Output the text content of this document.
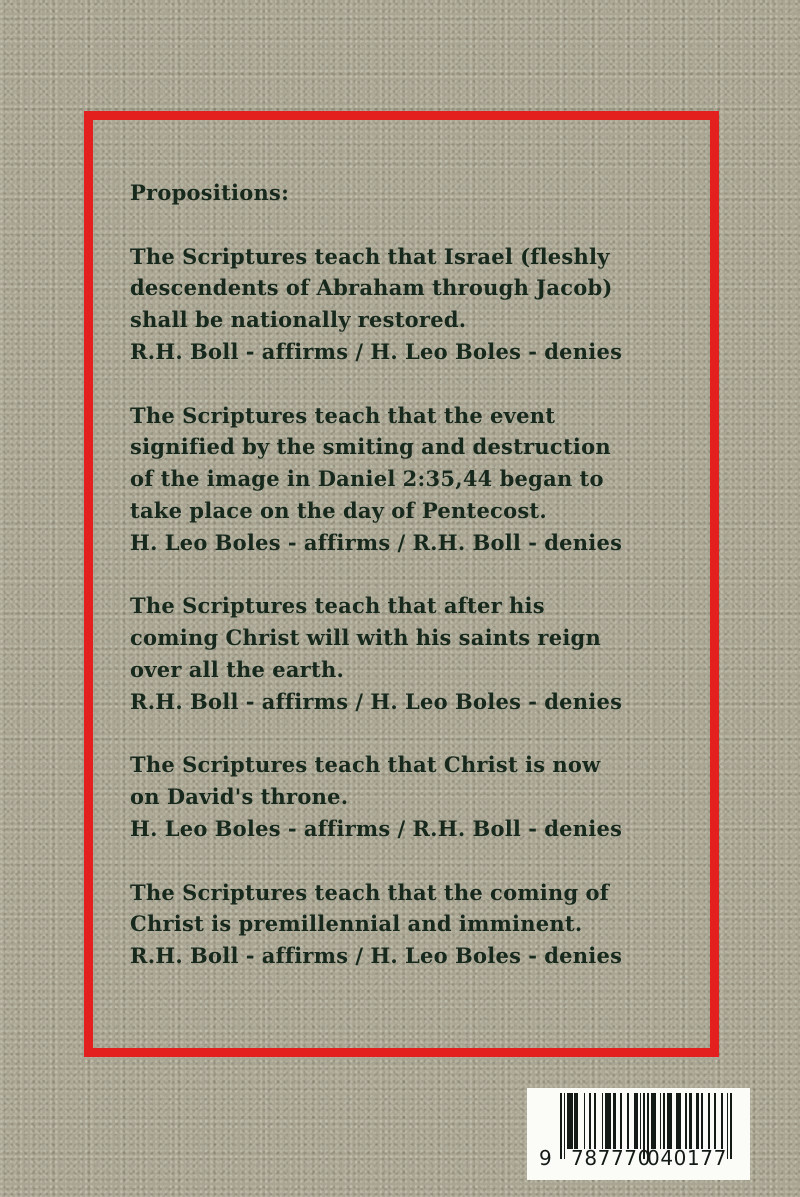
Propositions:
The Scriptures teach that Israel (fleshly
descendents of Abraham through Jacob)
shall be nationally restored.
R.H. Boll - affirms / H. Leo Boles - denies
The Scriptures teach that the event
signified by the smiting and destruction
of the image in Daniel 2:35,44 began to
take place on the day of Pentecost.
H. Leo Boles - affirms / R.H. Boll - denies
The Scriptures teach that after his
coming Christ will with his saints reign
over all the earth.
R.H. Boll - affirms / H. Leo Boles - denies
The Scriptures teach that Christ is now
on David's throne.
H. Leo Boles - affirms / R.H. Boll - denies
The Scriptures teach that the coming of
Christ is premillennial and imminent.
R.H. Boll - affirms / H. Leo Boles - denies
9 787770
040177
